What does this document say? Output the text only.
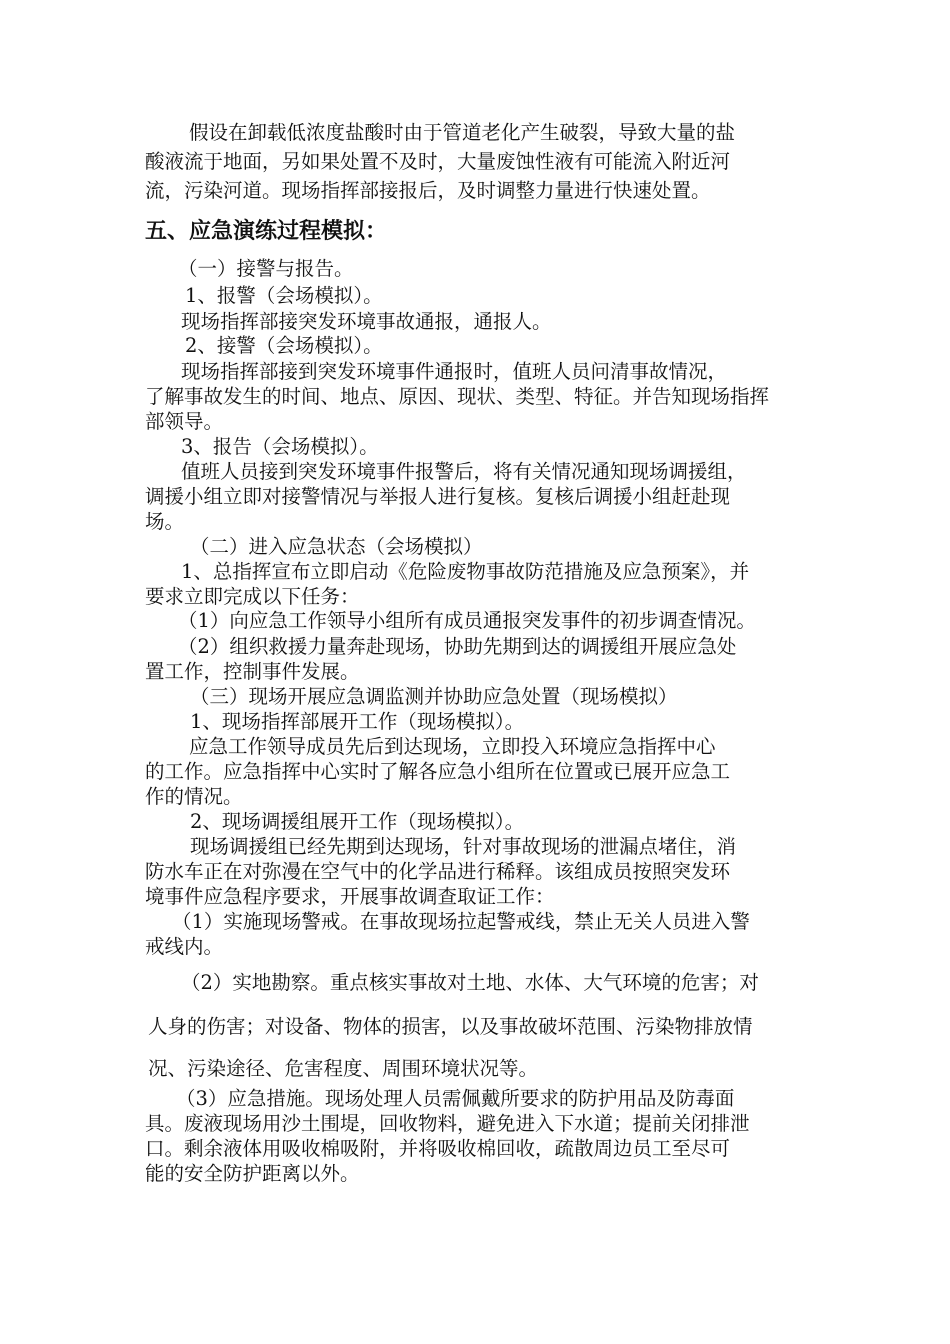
假设在卸载低浓度盐酸时由于管道老化产生破裂，导致大量的盐

酸液流于地面，另如果处置不及时，大量废蚀性液有可能流入附近河

流，污染河道。现场指挥部接报后，及时调整力量进行快速处置。

五、应急演练过程模拟：

（一）接警与报告。

1、报警（会场模拟）。

现场指挥部接突发环境事故通报，通报人。

2、接警（会场模拟）。

现场指挥部接到突发环境事件通报时，值班人员问清事故情况，

了解事故发生的时间、地点、原因、现状、类型、特征。并告知现场指挥

部领导。

3、报告（会场模拟）。

值班人员接到突发环境事件报警后，将有关情况通知现场调援组，

调援小组立即对接警情况与举报人进行复核。复核后调援小组赶赴现

场。

（二）进入应急状态（会场模拟）

1、总指挥宣布立即启动《危险废物事故防范措施及应急预案》，并

要求立即完成以下任务：

（1）向应急工作领导小组所有成员通报突发事件的初步调查情况。

（2）组织救援力量奔赴现场，协助先期到达的调援组开展应急处

置工作，控制事件发展。

（三）现场开展应急调监测并协助应急处置（现场模拟）

1、现场指挥部展开工作（现场模拟）。

应急工作领导成员先后到达现场，立即投入环境应急指挥中心

的工作。应急指挥中心实时了解各应急小组所在位置或已展开应急工

作的情况。

2、现场调援组展开工作（现场模拟）。

现场调援组已经先期到达现场，针对事故现场的泄漏点堵住，消

防水车正在对弥漫在空气中的化学品进行稀释。该组成员按照突发环

境事件应急程序要求，开展事故调查取证工作：

（1）实施现场警戒。在事故现场拉起警戒线，禁止无关人员进入警

戒线内。

（2）实地勘察。重点核实事故对土地、水体、大气环境的危害；对

人身的伤害；对设备、物体的损害，以及事故破坏范围、污染物排放情

况、污染途径、危害程度、周围环境状况等。

（3）应急措施。现场处理人员需佩戴所要求的防护用品及防毒面

具。废液现场用沙土围堤，回收物料，避免进入下水道；提前关闭排泄

口。剩余液体用吸收棉吸附，并将吸收棉回收，疏散周边员工至尽可

能的安全防护距离以外。
